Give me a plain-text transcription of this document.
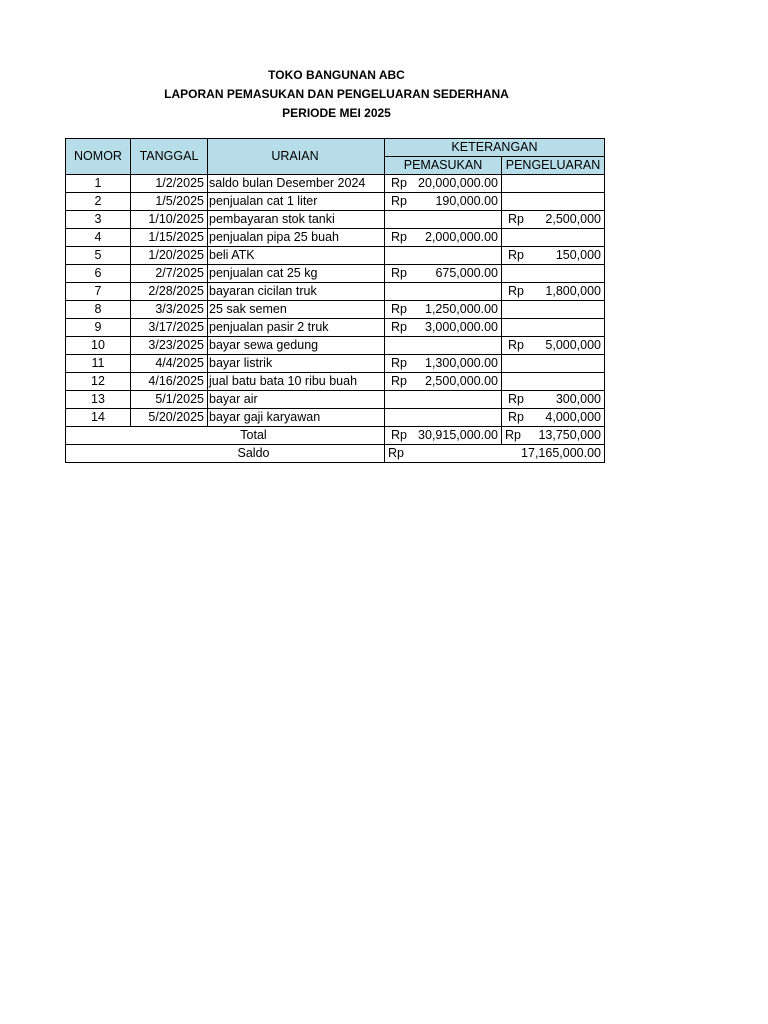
TOKO BANGUNAN ABC
LAPORAN PEMASUKAN DAN PENGELUARAN SEDERHANA
PERIODE MEI 2025
NOMOR	TANGGAL	URAIAN	KETERANGAN	
			PEMASUKAN	PENGELUARAN
1	1/2/2025	saldo bulan Desember 2024	Rp 20,000,000.00	

2	1/5/2025	penjualan cat 1 liter	Rp 190,000.00	

3	1/10/2025	pembayaran stok tanki		Rp 2,500,000

4	1/15/2025	penjualan pipa 25 buah	Rp 2,000,000.00	

5	1/20/2025	beli ATK		Rp 150,000

6	2/7/2025	penjualan cat 25 kg	Rp 675,000.00	

7	2/28/2025	bayaran cicilan truk		Rp 1,800,000

8	3/3/2025	25 sak semen	Rp 1,250,000.00	

9	3/17/2025	penjualan pasir 2 truk	Rp 3,000,000.00	

10	3/23/2025	bayar sewa gedung		Rp 5,000,000

11	4/4/2025	bayar listrik	Rp 1,300,000.00	

12	4/16/2025	jual batu bata 10 ribu buah	Rp 2,500,000.00	

13	5/1/2025	bayar air		Rp 300,000

14	5/20/2025	bayar gaji karyawan		Rp 4,000,000

Total			Rp 30,915,000.00	Rp 13,750,000

Saldo			Rp	17,165,000.00
